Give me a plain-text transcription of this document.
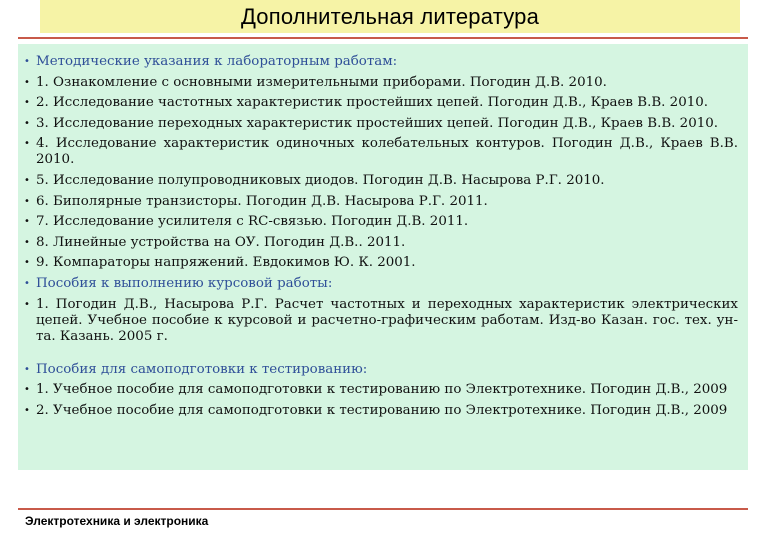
Дополнительная литература
• Методические указания к лабораторным работам:
• 1. Ознакомление с основными измерительными приборами. Погодин Д.В. 2010.
• 2. Исследование частотных характеристик простейших цепей. Погодин Д.В., Краев В.В. 2010.
• 3. Исследование переходных характеристик простейших цепей. Погодин Д.В., Краев В.В. 2010.
• 4. Исследование характеристик одиночных колебательных контуров. Погодин Д.В., Краев В.В. 2010.
• 5. Исследование полупроводниковых диодов. Погодин Д.В. Насырова Р.Г. 2010.
• 6. Биполярные транзисторы. Погодин Д.В. Насырова Р.Г. 2011.
• 7. Исследование усилителя с RC-связью. Погодин Д.В. 2011.
• 8. Линейные устройства на ОУ. Погодин Д.В.. 2011.
• 9. Компараторы напряжений. Евдокимов Ю. К. 2001.
• Пособия к выполнению курсовой работы:
• 1. Погодин Д.В., Насырова Р.Г. Расчет частотных и переходных характеристик электрических цепей. Учебное пособие к курсовой и расчетно-графическим работам. Изд-во Казан. гос. тех. ун-та. Казань. 2005 г.
• Пособия для самоподготовки к тестированию:
• 1. Учебное пособие для самоподготовки к тестированию по Электротехнике. Погодин Д.В., 2009
• 2. Учебное пособие для самоподготовки к тестированию по Электротехнике. Погодин Д.В., 2009
Электротехника и электроника
